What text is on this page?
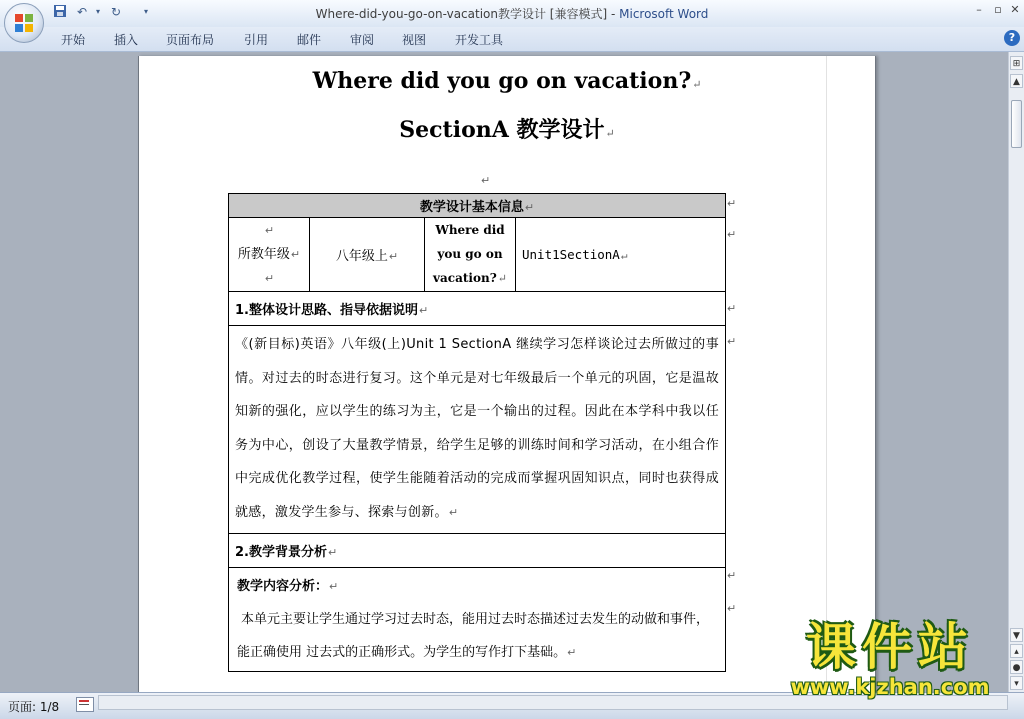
↶	▾ ↻	▾	Where-did-you-go-on-vacation教学设计 [兼容模式] - Microsoft Word	–	▫ ✕
开始 插入 页面布局 引用 邮件 审阅 视图 开发工具	?
Where did you go on vacation?↵
SectionA 教学设计↵
↵
教学设计基本信息↵
↵
所教年级↵
↵	八年级上↵	Where did
you go on
vacation?↵	Unit1SectionA↵
1.整体设计思路、指导依据说明↵
《(新目标)英语》八年级(上)Unit 1 SectionA 继续学习怎样谈论过去所做过的事情。对过去的时态进行复习。这个单元是对七年级最后一个单元的巩固，它是温故知新的强化，应以学生的练习为主，它是一个输出的过程。因此在本学科中我以任务为中心，创设了大量教学情景，给学生足够的训练时间和学习活动，在小组合作中完成优化教学过程，使学生能随着活动的完成而掌握巩固知识点，同时也获得成就感，激发学生参与、探索与创新。↵
2.教学背景分析↵
教学内容分析：↵
本单元主要让学生通过学习过去时态，能用过去时态描述过去发生的动做和事件，能正确使用 过去式的正确形式。为学生的写作打下基础。↵
↵
↵
↵
↵
↵
↵
⊞
▲
▼
▴
●
▾
页面: 1/8
课件站
www.kjzhan.com
